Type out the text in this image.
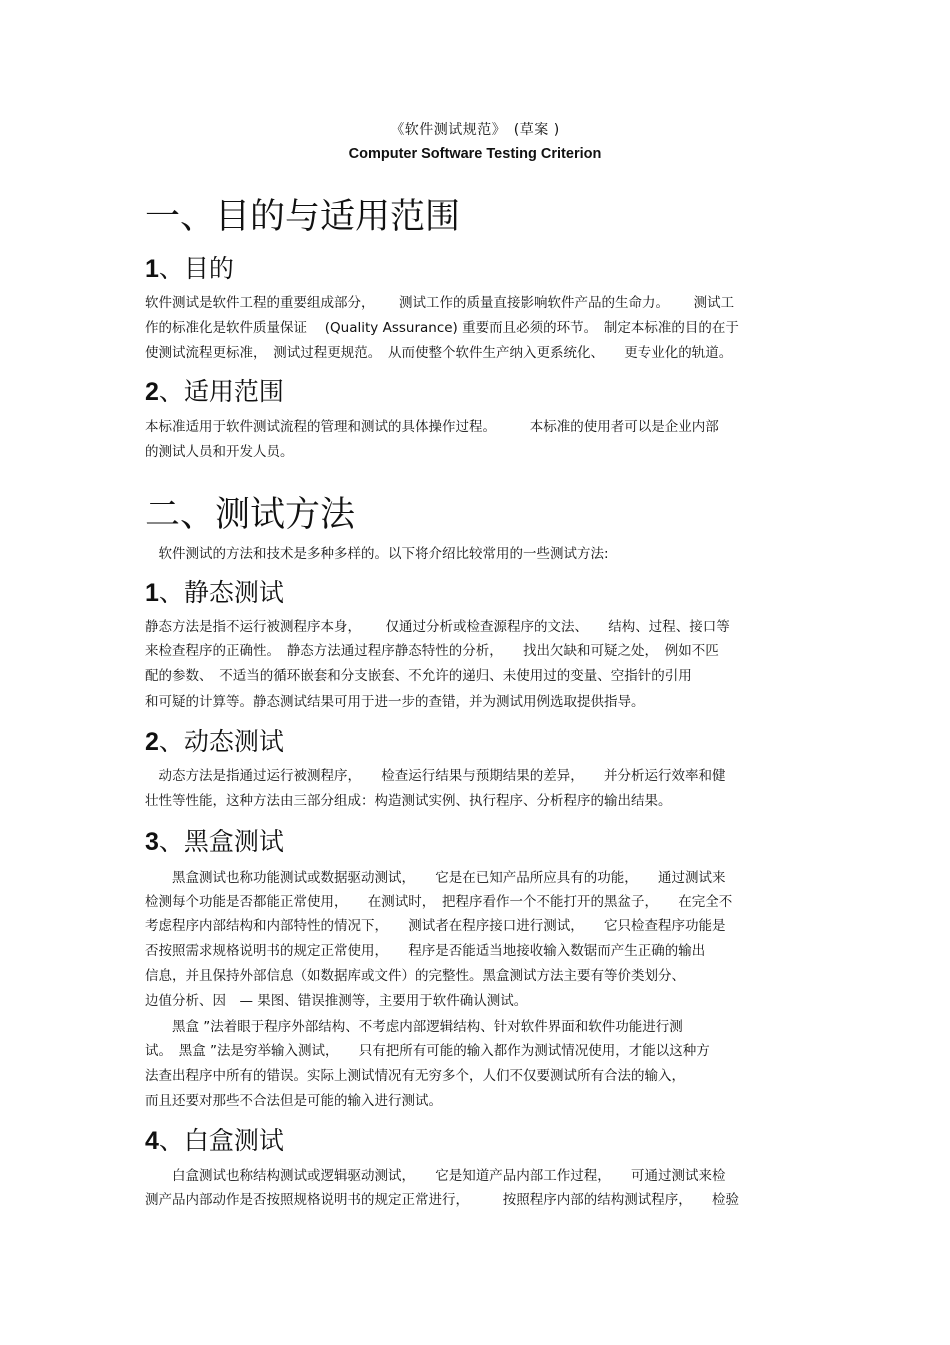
《软件测试规范》　(草案 )
Computer Software Testing Criterion
一、目的与适用范围
1、目的
软件测试是软件工程的重要组成部分，　　 测试工作的质量直接影响软件产品的生命力。　　 测试工
作的标准化是软件质量保证　 (Quality Assurance) 重要而且必须的环节。　制定本标准的目的在于
使测试流程更标准，　测试过程更规范。　从而使整个软件生产纳入更系统化、　　更专业化的轨道。
2、适用范围
本标准适用于软件测试流程的管理和测试的具体操作过程。　　　本标准的使用者可以是企业内部
的测试人员和开发人员。
二、测试方法
　软件测试的方法和技术是多种多样的。以下将介绍比较常用的一些测试方法:
1、静态测试
静态方法是指不运行被测程序本身，　　 仅通过分析或检查源程序的文法、　　结构、过程、接口等
来检查程序的正确性。　静态方法通过程序静态特性的分析，　　找出欠缺和可疑之处，　例如不匹
配的参数、　不适当的循环嵌套和分支嵌套、不允许的递归、未使用过的变量、空指针的引用
和可疑的计算等。静态测试结果可用于进一步的查错，并为测试用例选取提供指导。
2、动态测试
　动态方法是指通过运行被测程序，　　检查运行结果与预期结果的差异，　　并分析运行效率和健
壮性等性能，这种方法由三部分组成：构造测试实例、执行程序、分析程序的输出结果。
3、黑盒测试
　　黑盒测试也称功能测试或数据驱动测试，　　它是在已知产品所应具有的功能，　　通过测试来
检测每个功能是否都能正常使用，　　在测试时，　把程序看作一个不能打开的黑盆子，　　在完全不
考虑程序内部结构和内部特性的情况下，　　测试者在程序接口进行测试，　　它只检查程序功能是
否按照需求规格说明书的规定正常使用，　　程序是否能适当地接收输入数锯而产生正确的输出
信息，并且保持外部信息（如数据库或文件）的完整性。黑盒测试方法主要有等价类划分、
边值分析、因　— 果图、错误推测等，主要用于软件确认测试。
　　黑盒 ”法着眼于程序外部结构、不考虑内部逻辑结构、针对软件界面和软件功能进行测
试。　黑盒 ”法是穷举输入测试，　　只有把所有可能的输入都作为测试情况使用，才能以这种方
法查出程序中所有的错误。实际上测试情况有无穷多个，人们不仅要测试所有合法的输入，
而且还要对那些不合法但是可能的输入进行测试。
4、白盒测试
　　白盒测试也称结构测试或逻辑驱动测试，　　它是知道产品内部工作过程，　　可通过测试来检
测产品内部动作是否按照规格说明书的规定正常进行，　　　按照程序内部的结构测试程序，　　检验
